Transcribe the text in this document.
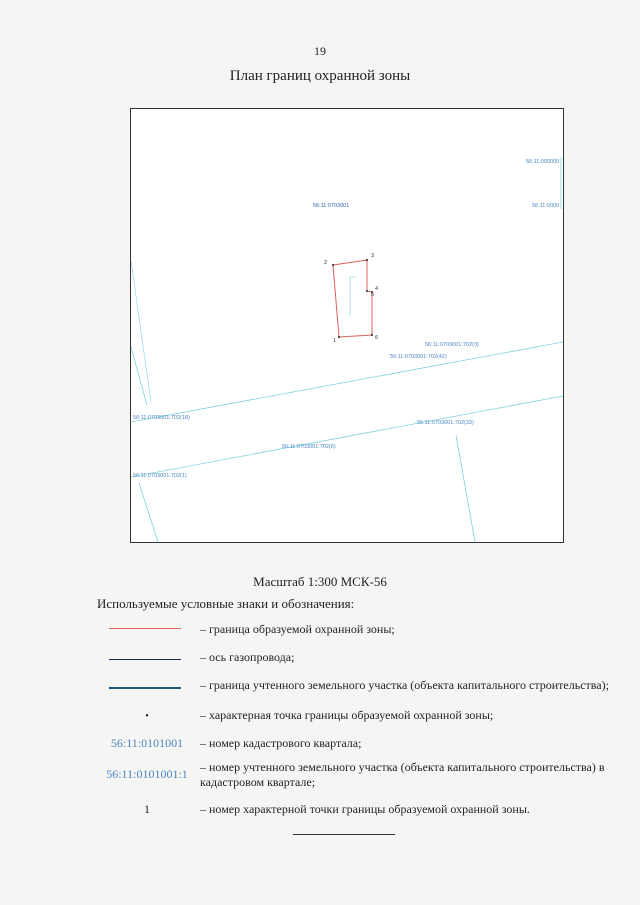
19
План границ охранной зоны
56:11:000000
56:11:0000
56:11:0703001
56:11:0703001:702(3)
56:11:0703001:702(42)
56:11:0703001:702(18)
56:11:0703001:702(33)
56:11:0703001:702(6)
56:11:0703001:702(1)
1
2
3
4
5
6
Масштаб 1:300 МСК-56
Используемые условные знаки и обозначения:
– граница образуемой охранной зоны;
– ось газопровода;
– граница учтенного земельного участка (объекта капитального строительства);
•	– характерная точка границы образуемой охранной зоны;
56:11:0101001	– номер кадастрового квартала;
56:11:0101001:1	– номер учтенного земельного участка (объекта капитального строительства) в кадастровом квартале;
1	– номер характерной точки границы образуемой охранной зоны.
